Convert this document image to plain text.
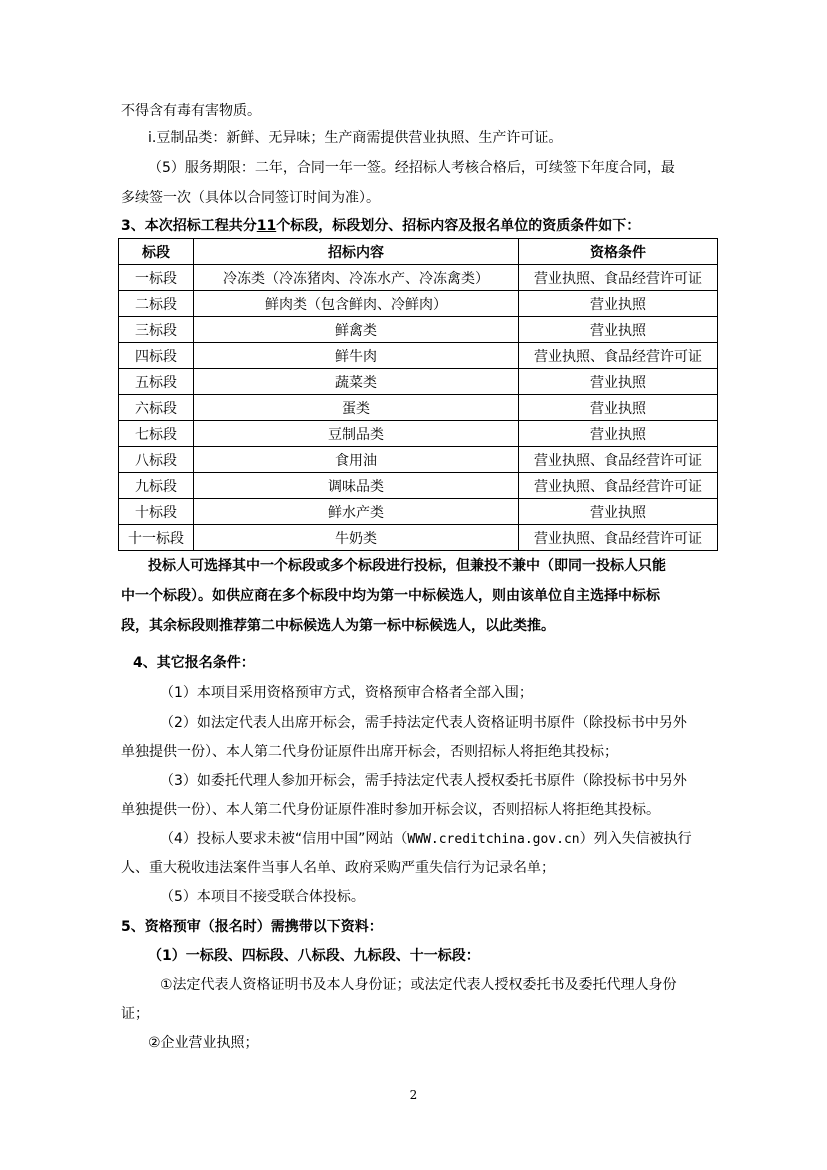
不得含有毒有害物质。
i.豆制品类：新鲜、无异味；生产商需提供营业执照、生产许可证。
（5）服务期限：二年，合同一年一签。经招标人考核合格后，可续签下年度合同，最
多续签一次（具体以合同签订时间为准）。
3、本次招标工程共分11个标段，标段划分、招标内容及报名单位的资质条件如下：
标段	招标内容	资格条件
一标段	冷冻类（冷冻猪肉、冷冻水产、冷冻禽类）	营业执照、食品经营许可证
二标段	鲜肉类（包含鲜肉、冷鲜肉）	营业执照
三标段	鲜禽类	营业执照
四标段	鲜牛肉	营业执照、食品经营许可证
五标段	蔬菜类	营业执照
六标段	蛋类	营业执照
七标段	豆制品类	营业执照
八标段	食用油	营业执照、食品经营许可证
九标段	调味品类	营业执照、食品经营许可证
十标段	鲜水产类	营业执照
十一标段	牛奶类	营业执照、食品经营许可证
投标人可选择其中一个标段或多个标段进行投标，但兼投不兼中（即同一投标人只能
中一个标段）。如供应商在多个标段中均为第一中标候选人，则由该单位自主选择中标标
段，其余标段则推荐第二中标候选人为第一标中标候选人，以此类推。
4、其它报名条件：
（1）本项目采用资格预审方式，资格预审合格者全部入围；
（2）如法定代表人出席开标会，需手持法定代表人资格证明书原件（除投标书中另外
单独提供一份）、本人第二代身份证原件出席开标会，否则招标人将拒绝其投标；
（3）如委托代理人参加开标会，需手持法定代表人授权委托书原件（除投标书中另外
单独提供一份）、本人第二代身份证原件准时参加开标会议，否则招标人将拒绝其投标。
（4）投标人要求未被“信用中国”网站（WWW.creditchina.gov.cn）列入失信被执行
人、重大税收违法案件当事人名单、政府采购严重失信行为记录名单；
（5）本项目不接受联合体投标。
5、资格预审（报名时）需携带以下资料：
（1）一标段、四标段、八标段、九标段、十一标段：
①法定代表人资格证明书及本人身份证；或法定代表人授权委托书及委托代理人身份
证；
②企业营业执照；
2
